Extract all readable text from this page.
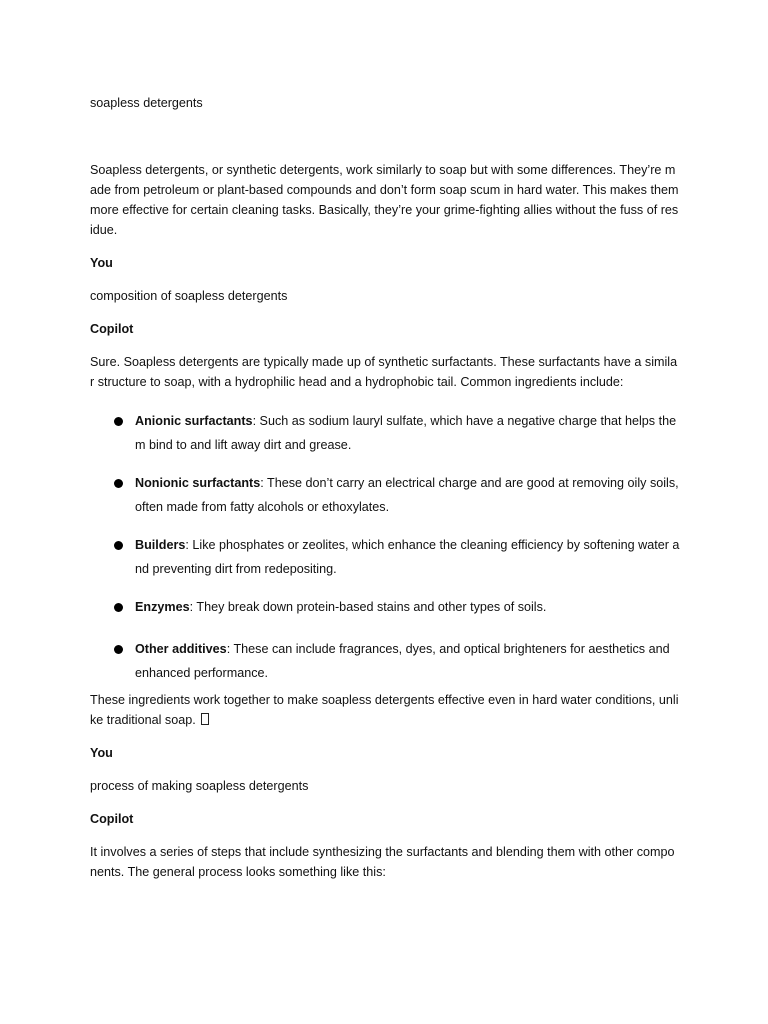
soapless detergents

Soapless detergents, or synthetic detergents, work similarly to soap but with some differences. They’re made from petroleum or plant-based compounds and don’t form soap scum in hard water. This makes them more effective for certain cleaning tasks. Basically, they’re your grime-fighting allies without the fuss of residue.

You

composition of soapless detergents

Copilot

Sure. Soapless detergents are typically made up of synthetic surfactants. These surfactants have a similar structure to soap, with a hydrophilic head and a hydrophobic tail. Common ingredients include:

Anionic surfactants: Such as sodium lauryl sulfate, which have a negative charge that helps them bind to and lift away dirt and grease.
Nonionic surfactants: These don’t carry an electrical charge and are good at removing oily soils, often made from fatty alcohols or ethoxylates.
Builders: Like phosphates or zeolites, which enhance the cleaning efficiency by softening water and preventing dirt from redepositing.
Enzymes: They break down protein-based stains and other types of soils.
Other additives: These can include fragrances, dyes, and optical brighteners for aesthetics and enhanced performance.

These ingredients work together to make soapless detergents effective even in hard water conditions, unlike traditional soap.

You

process of making soapless detergents

Copilot

It involves a series of steps that include synthesizing the surfactants and blending them with other components. The general process looks something like this:
